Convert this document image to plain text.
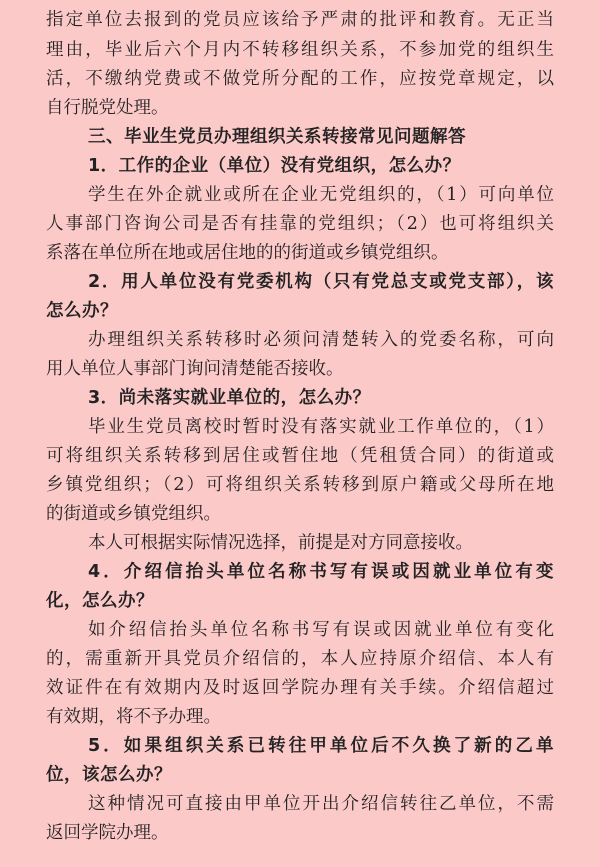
指定单位去报到的党员应该给予严肃的批评和教育。无正当
理由，毕业后六个月内不转移组织关系，不参加党的组织生
活，不缴纳党费或不做党所分配的工作，应按党章规定，以
自行脱党处理。
三、毕业生党员办理组织关系转接常见问题解答
1．工作的企业（单位）没有党组织，怎么办？
学生在外企就业或所在企业无党组织的，（1）可向单位
人事部门咨询公司是否有挂靠的党组织；（2）也可将组织关
系落在单位所在地或居住地的的街道或乡镇党组织。
2．用人单位没有党委机构（只有党总支或党支部），该
怎么办？
办理组织关系转移时必须问清楚转入的党委名称，可向
用人单位人事部门询问清楚能否接收。
3．尚未落实就业单位的，怎么办？
毕业生党员离校时暂时没有落实就业工作单位的，（1）
可将组织关系转移到居住或暂住地（凭租赁合同）的街道或
乡镇党组织；（2）可将组织关系转移到原户籍或父母所在地
的街道或乡镇党组织。
本人可根据实际情况选择，前提是对方同意接收。
4．介绍信抬头单位名称书写有误或因就业单位有变
化，怎么办？
如介绍信抬头单位名称书写有误或因就业单位有变化
的，需重新开具党员介绍信的，本人应持原介绍信、本人有
效证件在有效期内及时返回学院办理有关手续。介绍信超过
有效期，将不予办理。
5．如果组织关系已转往甲单位后不久换了新的乙单
位，该怎么办？
这种情况可直接由甲单位开出介绍信转往乙单位，不需
返回学院办理。
